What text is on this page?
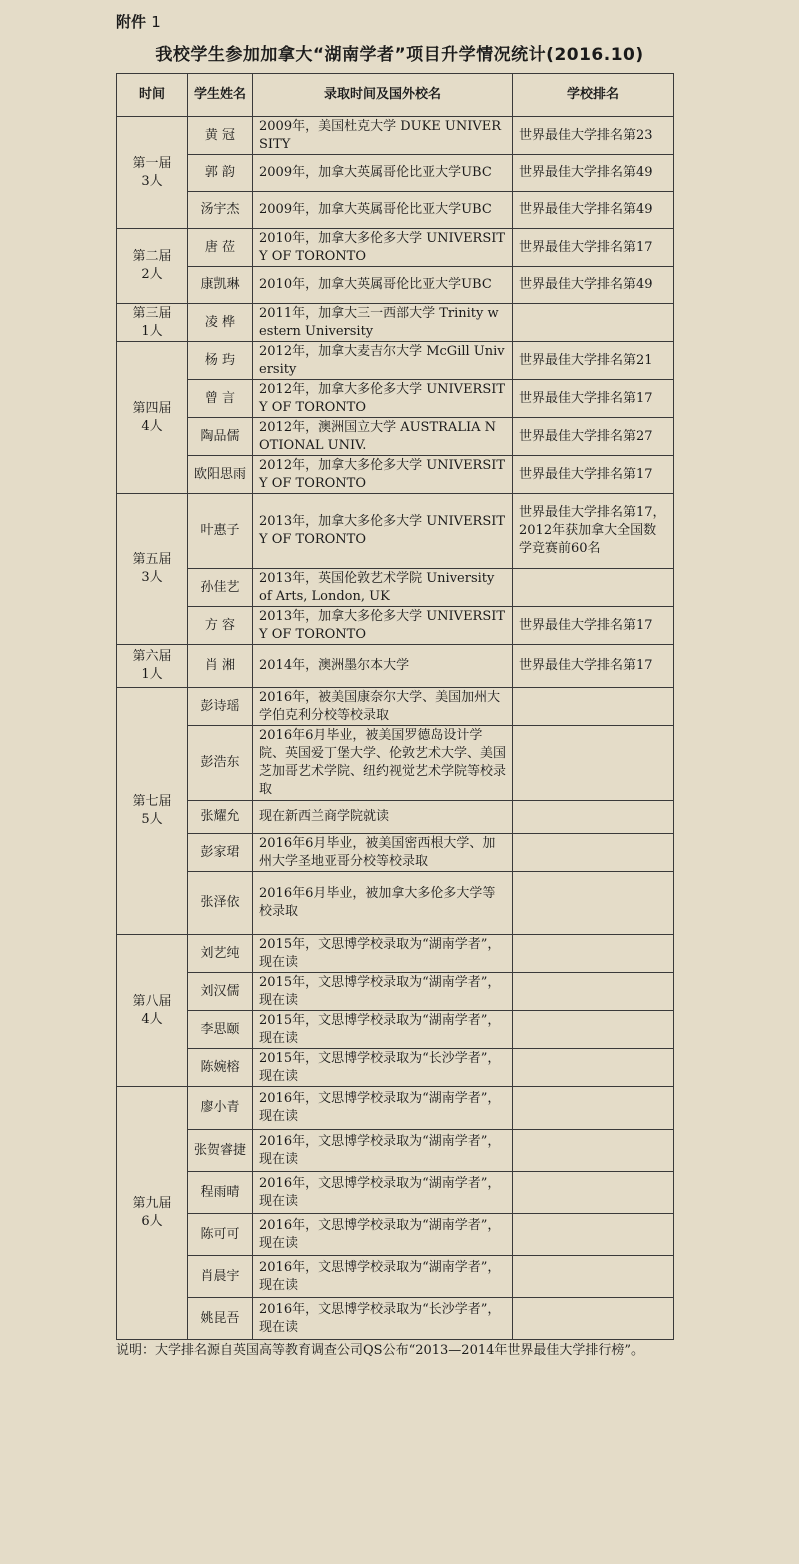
附件 1
我校学生参加加拿大“湖南学者”项目升学情况统计(2016.10)
时间	学生姓名	录取时间及国外校名	学校排名

第一届
3人	黄 冠	2009年，美国杜克大学 DUKE UNIVERSITY	世界最佳大学排名第23
	郭 韵	2009年，加拿大英属哥伦比亚大学UBC	世界最佳大学排名第49
	汤宇杰	2009年，加拿大英属哥伦比亚大学UBC	世界最佳大学排名第49

第二届
2人	唐 莅	2010年，加拿大多伦多大学 UNIVERSITY OF TORONTO	世界最佳大学排名第17
	康凯琳	2010年，加拿大英属哥伦比亚大学UBC	世界最佳大学排名第49

第三届
1人	凌 桦	2011年，加拿大三一西部大学 Trinity western University	

第四届
4人	杨 玙	2012年，加拿大麦吉尔大学 McGill University	世界最佳大学排名第21
	曾 言	2012年，加拿大多伦多大学 UNIVERSITY OF TORONTO	世界最佳大学排名第17
	陶品儒	2012年，澳洲国立大学 AUSTRALIA NOTIONAL UNIV.	世界最佳大学排名第27
	欧阳思雨	2012年，加拿大多伦多大学 UNIVERSITY OF TORONTO	世界最佳大学排名第17

第五届
3人	叶惠子	2013年，加拿大多伦多大学 UNIVERSITY OF TORONTO	世界最佳大学排名第17，2012年获加拿大全国数学竞赛前60名
	孙佳艺	2013年，英国伦敦艺术学院 University of Arts, London, UK	
	方 容	2013年，加拿大多伦多大学 UNIVERSITY OF TORONTO	世界最佳大学排名第17

第六届
1人	肖 湘	2014年，澳洲墨尔本大学	世界最佳大学排名第17

第七届
5人	彭诗瑶	2016年，被美国康奈尔大学、美国加州大学伯克利分校等校录取	
	彭浩东	2016年6月毕业，被美国罗德岛设计学院、英国爱丁堡大学、伦敦艺术大学、美国芝加哥艺术学院、纽约视觉艺术学院等校录取	
	张耀允	现在新西兰商学院就读	
	彭家珺	2016年6月毕业，被美国密西根大学、加州大学圣地亚哥分校等校录取	
	张泽依	2016年6月毕业，被加拿大多伦多大学等校录取	

第八届
4人	刘艺纯	2015年，文思博学校录取为“湖南学者”，现在读	
	刘汉儒	2015年，文思博学校录取为“湖南学者”，现在读	
	李思颐	2015年，文思博学校录取为“湖南学者”，现在读	
	陈婉榕	2015年，文思博学校录取为“长沙学者”，现在读	

第九届
6人	廖小青	2016年，文思博学校录取为“湖南学者”，现在读	
	张贺睿捷	2016年，文思博学校录取为“湖南学者”，现在读	
	程雨晴	2016年，文思博学校录取为“湖南学者”，现在读	
	陈可可	2016年，文思博学校录取为“湖南学者”，现在读	
	肖晨宇	2016年，文思博学校录取为“湖南学者”，现在读	
	姚昆吾	2016年，文思博学校录取为“长沙学者”，现在读	
说明：大学排名源自英国高等教育调查公司QS公布“2013—2014年世界最佳大学排行榜”。
